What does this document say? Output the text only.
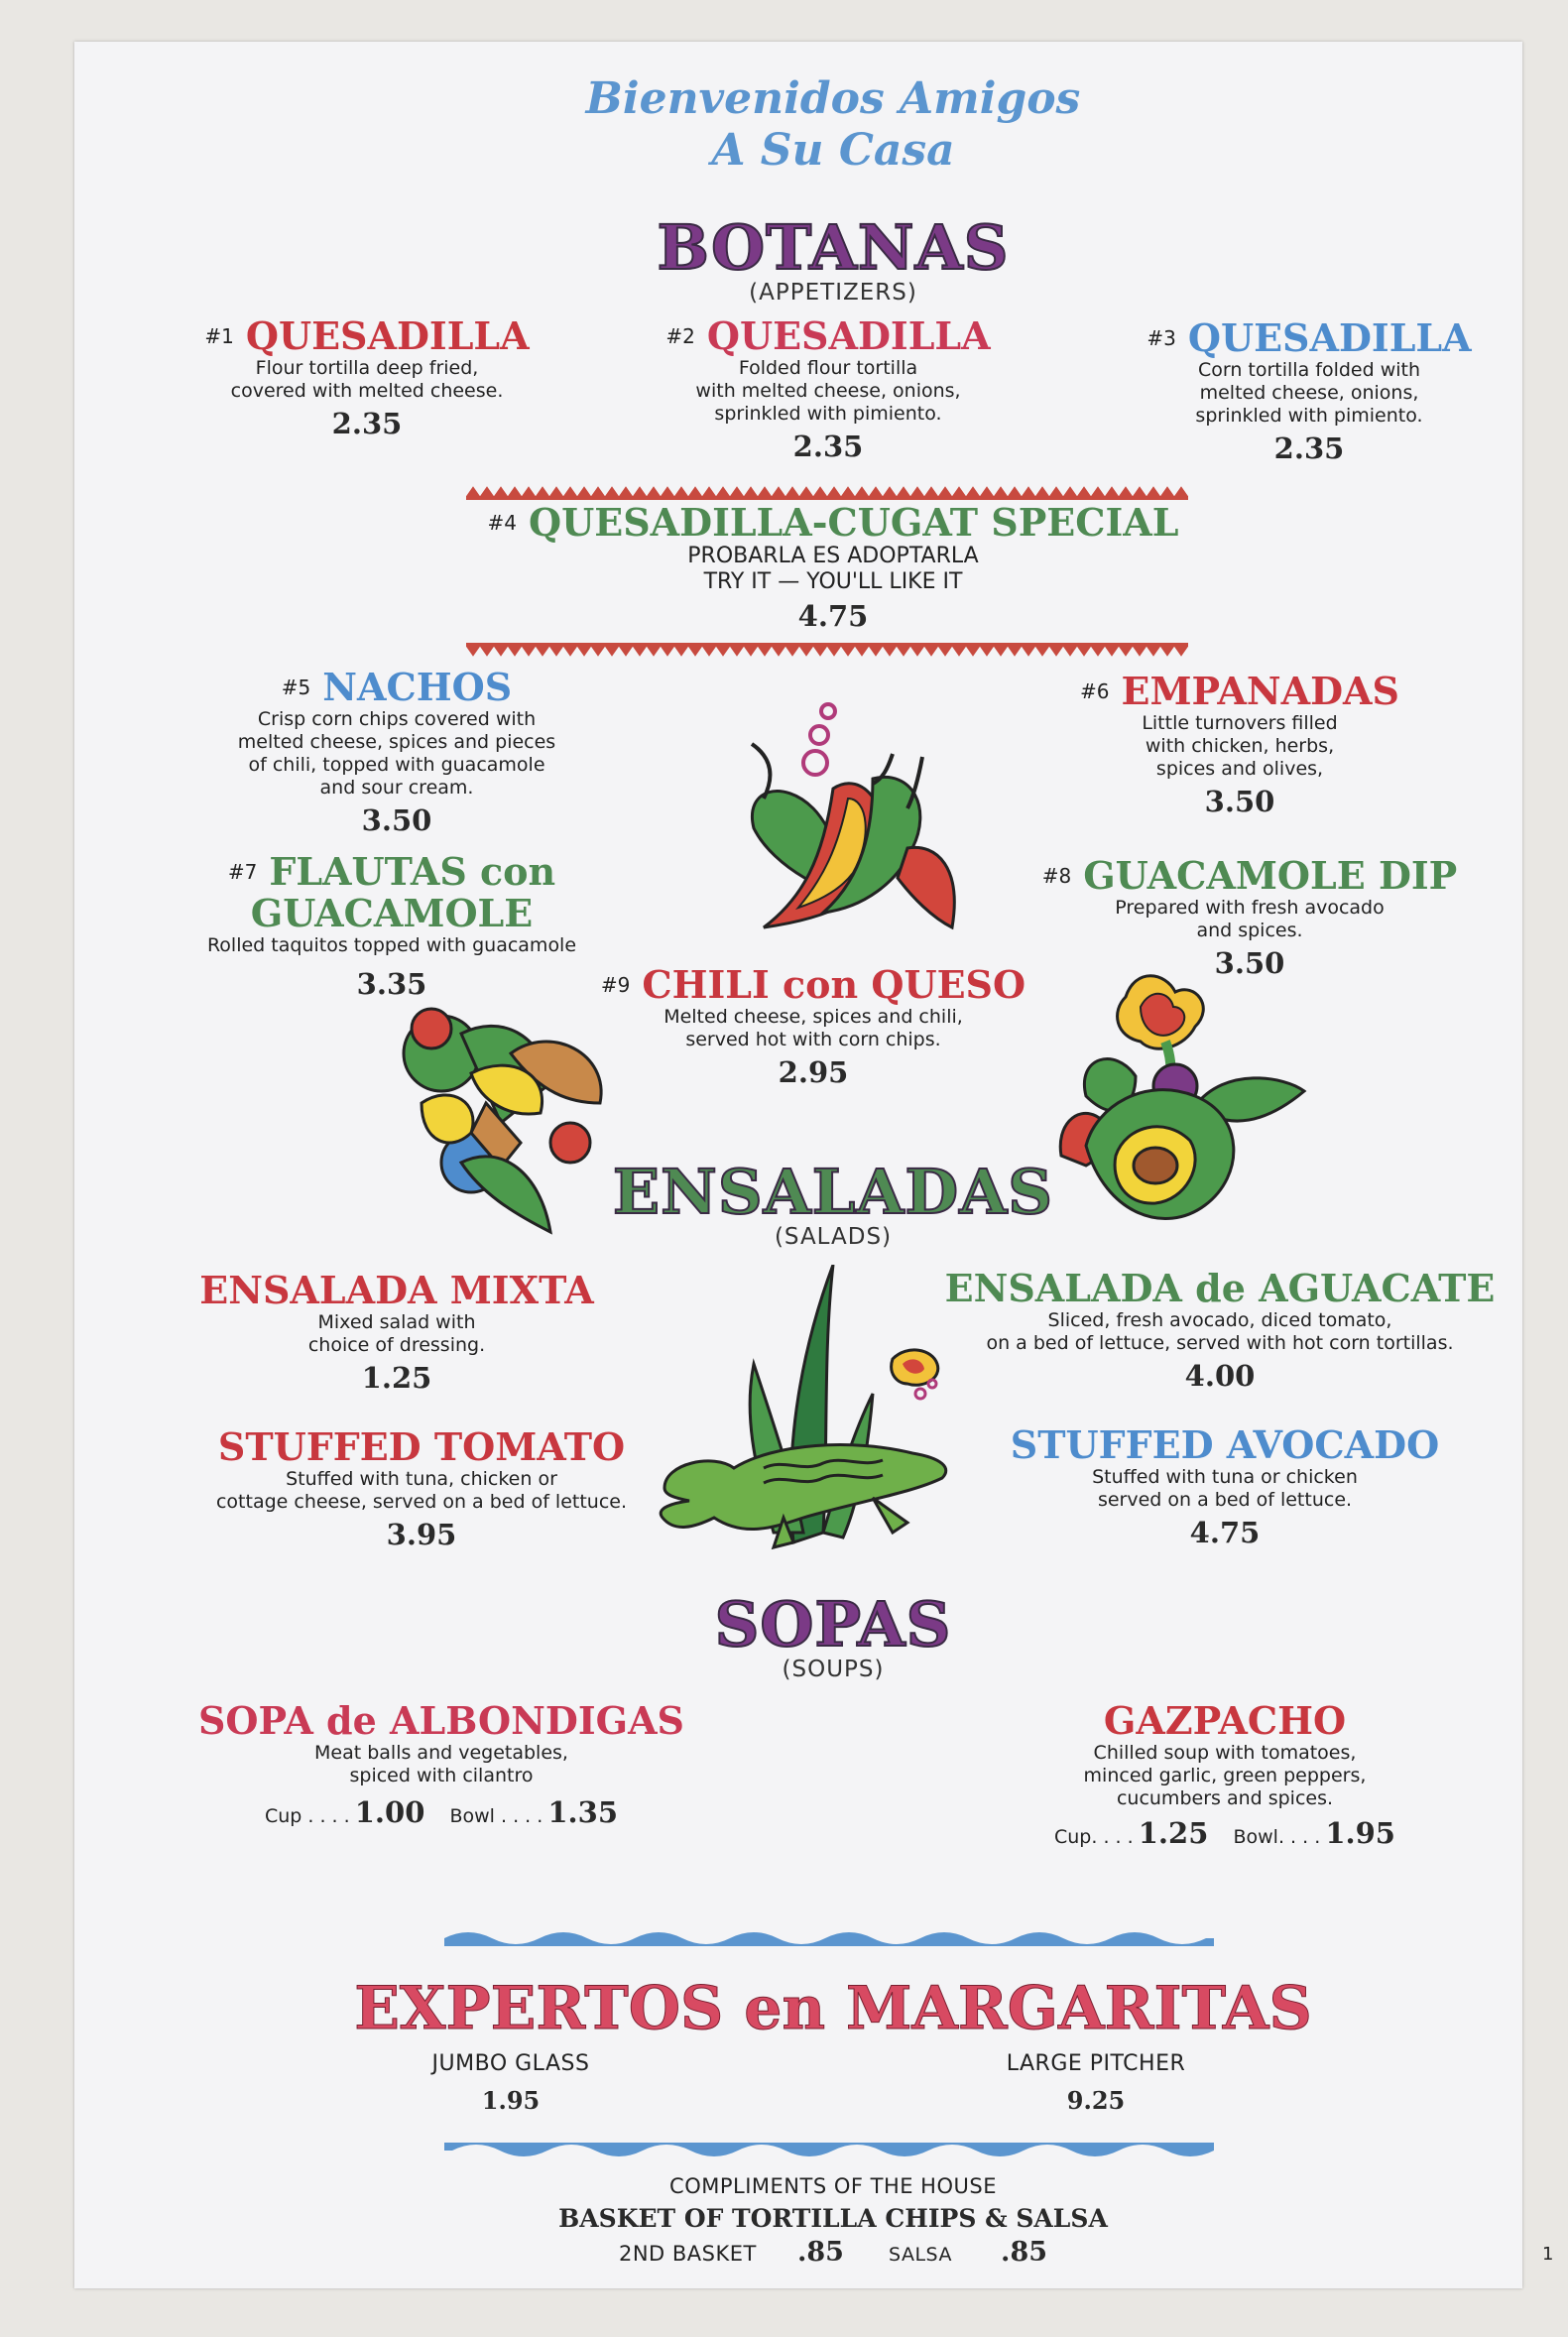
Bienvenidos Amigos
A Su Casa
BOTANAS
(APPETIZERS)
#1 QUESADILLA
Flour tortilla deep fried,
covered with melted cheese.
2.35
#2 QUESADILLA
Folded flour tortilla
with melted cheese, onions,
sprinkled with pimiento.
2.35
#3 QUESADILLA
Corn tortilla folded with
melted cheese, onions,
sprinkled with pimiento.
2.35
#4 QUESADILLA-CUGAT SPECIAL
PROBARLA ES ADOPTARLA
TRY IT — YOU'LL LIKE IT
4.75
#5 NACHOS
Crisp corn chips covered with
melted cheese, spices and pieces
of chili, topped with guacamole
and sour cream.
3.50
#6 EMPANADAS
Little turnovers filled
with chicken, herbs,
spices and olives,
3.50
#7 FLAUTAS con
GUACAMOLE
Rolled taquitos topped with guacamole
3.35
#8 GUACAMOLE DIP
Prepared with fresh avocado
and spices.
3.50
#9 CHILI con QUESO
Melted cheese, spices and chili,
served hot with corn chips.
2.95
ENSALADAS
(SALADS)
ENSALADA MIXTA
Mixed salad with
choice of dressing.
1.25
ENSALADA de AGUACATE
Sliced, fresh avocado, diced tomato,
on a bed of lettuce, served with hot corn tortillas.
4.00
STUFFED TOMATO
Stuffed with tuna, chicken or
cottage cheese, served on a bed of lettuce.
3.95
STUFFED AVOCADO
Stuffed with tuna or chicken
served on a bed of lettuce.
4.75
SOPAS
(SOUPS)
SOPA de ALBONDIGAS
Meat balls and vegetables,
spiced with cilantro
Cup . . . . 1.00 Bowl . . . . 1.35
GAZPACHO
Chilled soup with tomatoes,
minced garlic, green peppers,
cucumbers and spices.
Cup. . . . 1.25 Bowl. . . . 1.95
EXPERTOS en MARGARITAS
JUMBO GLASS
1.95
LARGE PITCHER
9.25
COMPLIMENTS OF THE HOUSE
BASKET OF TORTILLA CHIPS & SALSA
2ND BASKET .85 SALSA .85	1
